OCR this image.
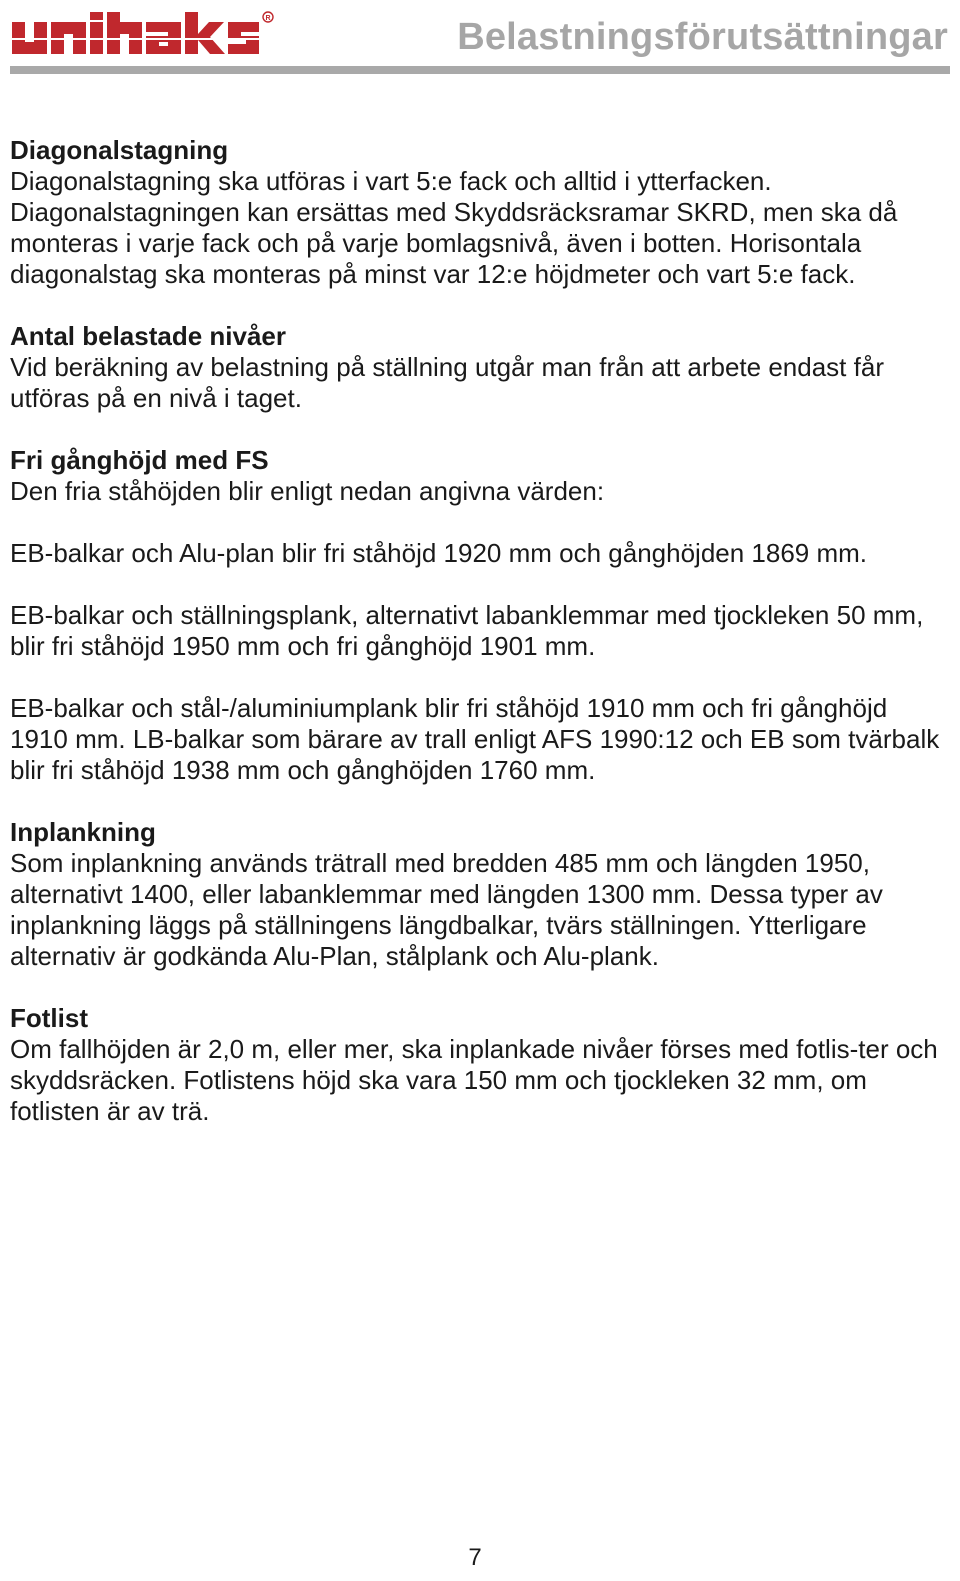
R	Belastningsförutsättningar
Diagonalstagning

Diagonalstagning ska utföras i vart 5:e fack och alltid i ytterfacken. Diagonalstagningen kan ersättas med Skyddsräcksramar SKRD, men ska då monteras i varje fack och på varje bomlagsnivå, även i botten. Horisontala diagonalstag ska monteras på minst var 12:e höjdmeter och vart 5:e fack.

Antal belastade nivåer

Vid beräkning av belastning på ställning utgår man från att arbete endast får utföras på en nivå i taget.

Fri gånghöjd med FS

Den fria ståhöjden blir enligt nedan angivna värden:

EB-balkar och Alu-plan blir fri ståhöjd 1920 mm och gånghöjden 1869 mm.

EB-balkar och ställningsplank, alternativt labanklemmar med tjockleken 50 mm, blir fri ståhöjd 1950 mm och fri gånghöjd 1901 mm.

EB-balkar och stål-/aluminiumplank blir fri ståhöjd 1910 mm och fri gånghöjd 1910 mm. LB-balkar som bärare av trall enligt AFS 1990:12 och EB som tvärbalk blir fri ståhöjd 1938 mm och gånghöjden 1760 mm.

Inplankning

Som inplankning används trätrall med bredden 485 mm och längden 1950, alternativt 1400, eller labanklemmar med längden 1300 mm. Dessa typer av inplankning läggs på ställningens längdbalkar, tvärs ställningen. Ytterligare alternativ är godkända Alu-Plan, stålplank och Alu-plank.

Fotlist

Om fallhöjden är 2,0 m, eller mer, ska inplankade nivåer förses med fotlis-ter och skyddsräcken. Fotlistens höjd ska vara 150 mm och tjockleken 32 mm, om fotlisten är av trä.

7
